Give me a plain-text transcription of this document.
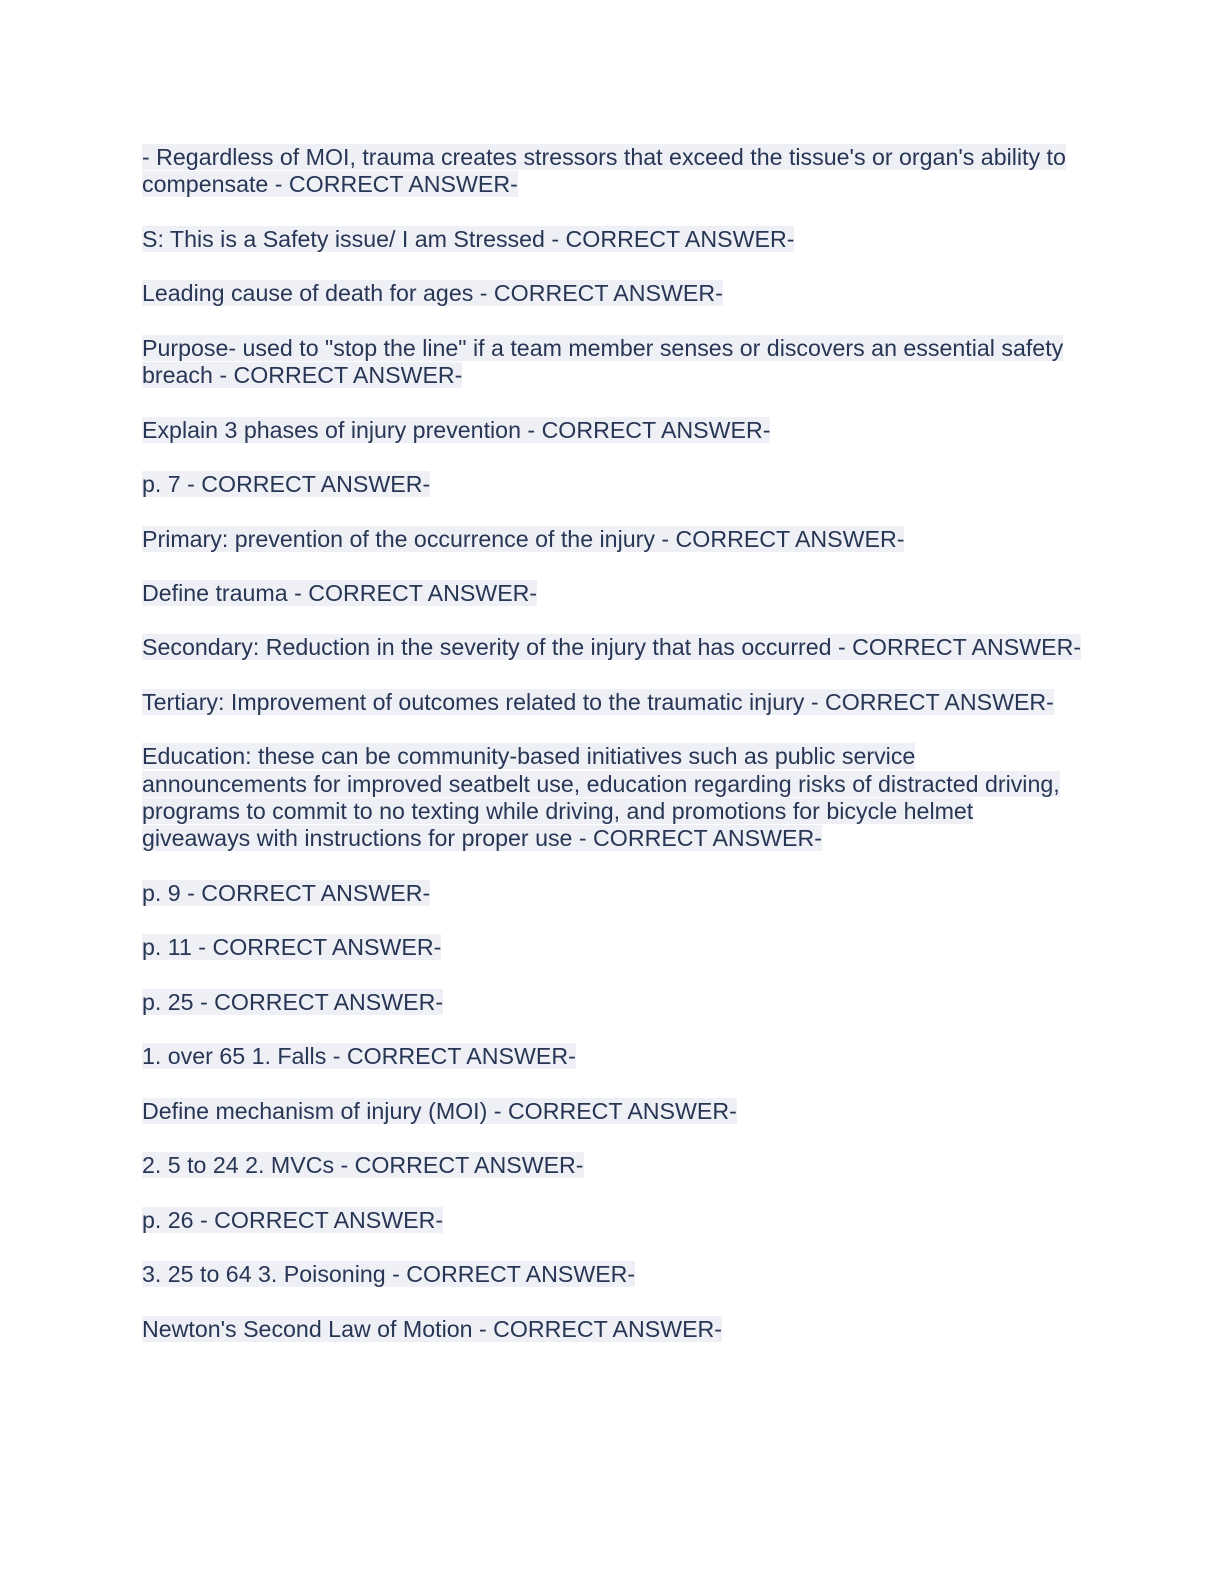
- Regardless of MOI, trauma creates stressors that exceed the tissue's or organ's ability to compensate - CORRECT ANSWER-

S: This is a Safety issue/ I am Stressed - CORRECT ANSWER-

Leading cause of death for ages - CORRECT ANSWER-

Purpose- used to "stop the line" if a team member senses or discovers an essential safety breach - CORRECT ANSWER-

Explain 3 phases of injury prevention - CORRECT ANSWER-

p. 7 - CORRECT ANSWER-

Primary: prevention of the occurrence of the injury - CORRECT ANSWER-

Define trauma - CORRECT ANSWER-

Secondary: Reduction in the severity of the injury that has occurred - CORRECT ANSWER-

Tertiary: Improvement of outcomes related to the traumatic injury - CORRECT ANSWER-

Education: these can be community-based initiatives such as public service announcements for improved seatbelt use, education regarding risks of distracted driving, programs to commit to no texting while driving, and promotions for bicycle helmet giveaways with instructions for proper use - CORRECT ANSWER-

p. 9 - CORRECT ANSWER-

p. 11 - CORRECT ANSWER-

p. 25 - CORRECT ANSWER-

1. over 65 1. Falls - CORRECT ANSWER-

Define mechanism of injury (MOI) - CORRECT ANSWER-

2. 5 to 24 2. MVCs - CORRECT ANSWER-

p. 26 - CORRECT ANSWER-

3. 25 to 64 3. Poisoning - CORRECT ANSWER-

Newton's Second Law of Motion - CORRECT ANSWER-
